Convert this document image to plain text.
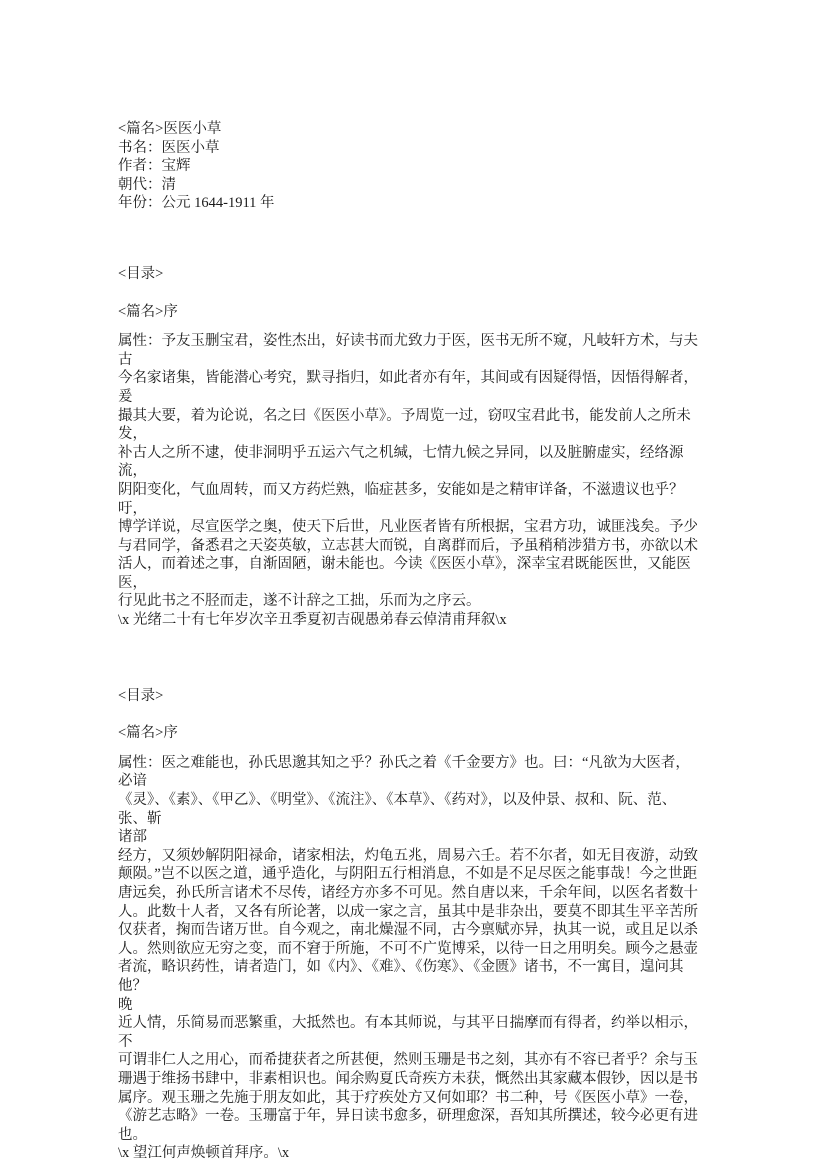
<篇名>医医小草
书名：医医小草
作者：宝辉
朝代：清
年份：公元 1644-1911 年
<目录>
<篇名>序
属性：予友玉删宝君，姿性杰出，好读书而尤致力于医，医书无所不窥，凡岐轩方术，与夫古
今名家诸集，皆能潜心考究，默寻指归，如此者亦有年，其间或有因疑得悟，因悟得解者，爰
撮其大要，着为论说，名之曰《医医小草》。予周览一过，窃叹宝君此书，能发前人之所未发，
补古人之所不逮，使非洞明乎五运六气之机缄，七情九候之异同，以及脏腑虚实，经络源流，
阴阳变化，气血周转，而又方药烂熟，临症甚多，安能如是之精审详备，不滋遗议也乎？吁，
博学详说，尽宣医学之奥，使天下后世，凡业医者皆有所根据，宝君方功，诚匪浅矣。予少
与君同学，备悉君之天姿英敏，立志甚大而锐，自离群而后，予虽稍稍涉猎方书，亦欲以术
活人，而着述之事，自渐固陋，谢未能也。今读《医医小草》，深幸宝君既能医世，又能医医，
行见此书之不胫而走，遂不计辞之工拙，乐而为之序云。
\x 光绪二十有七年岁次辛丑季夏初吉砚愚弟春云倬清甫拜叙\x
<目录>
<篇名>序
属性：医之难能也，孙氏思邈其知之乎？孙氏之着《千金要方》也。曰：“凡欲为大医者，必谙
《灵》、《素》、《甲乙》、《明堂》、《流注》、《本草》、《药对》，以及仲景、叔和、阮、范、张、靳
诸部
经方，又须妙解阴阳禄命，诸家相法，灼龟五兆，周易六壬。若不尔者，如无目夜游，动致
颠陨。”岂不以医之道，通乎造化，与阴阳五行相消息，不如是不足尽医之能事哉！今之世距
唐远矣，孙氏所言诸术不尽传，诸经方亦多不可见。然自唐以来，千余年间，以医名者数十
人。此数十人者，又各有所论著，以成一家之言，虽其中是非杂出，要莫不即其生平辛苦所
仅获者，掬而告诸万世。自今观之，南北燥湿不同，古今禀赋亦异，执其一说，或且足以杀
人。然则欲应无穷之变，而不窘于所施，不可不广览博采，以待一日之用明矣。顾今之悬壶
者流，略识药性，请者造门，如《内》、《难》、《伤寒》、《金匮》诸书，不一寓目，遑问其他？
晚
近人情，乐简易而恶繁重，大抵然也。有本其师说，与其平日揣摩而有得者，约举以相示，不
可谓非仁人之用心，而希捷获者之所甚便，然则玉珊是书之刻，其亦有不容已者乎？余与玉
珊遇于维扬书肆中，非素相识也。闻余购夏氏奇疾方未获，慨然出其家藏本假钞，因以是书
属序。观玉珊之先施于朋友如此，其于疗疾处方又何如耶？书二种，号《医医小草》一卷，
《游艺志略》一卷。玉珊富于年，异日读书愈多，研理愈深，吾知其所撰述，较今必更有进也。
\x 望江何声焕顿首拜序。\x
